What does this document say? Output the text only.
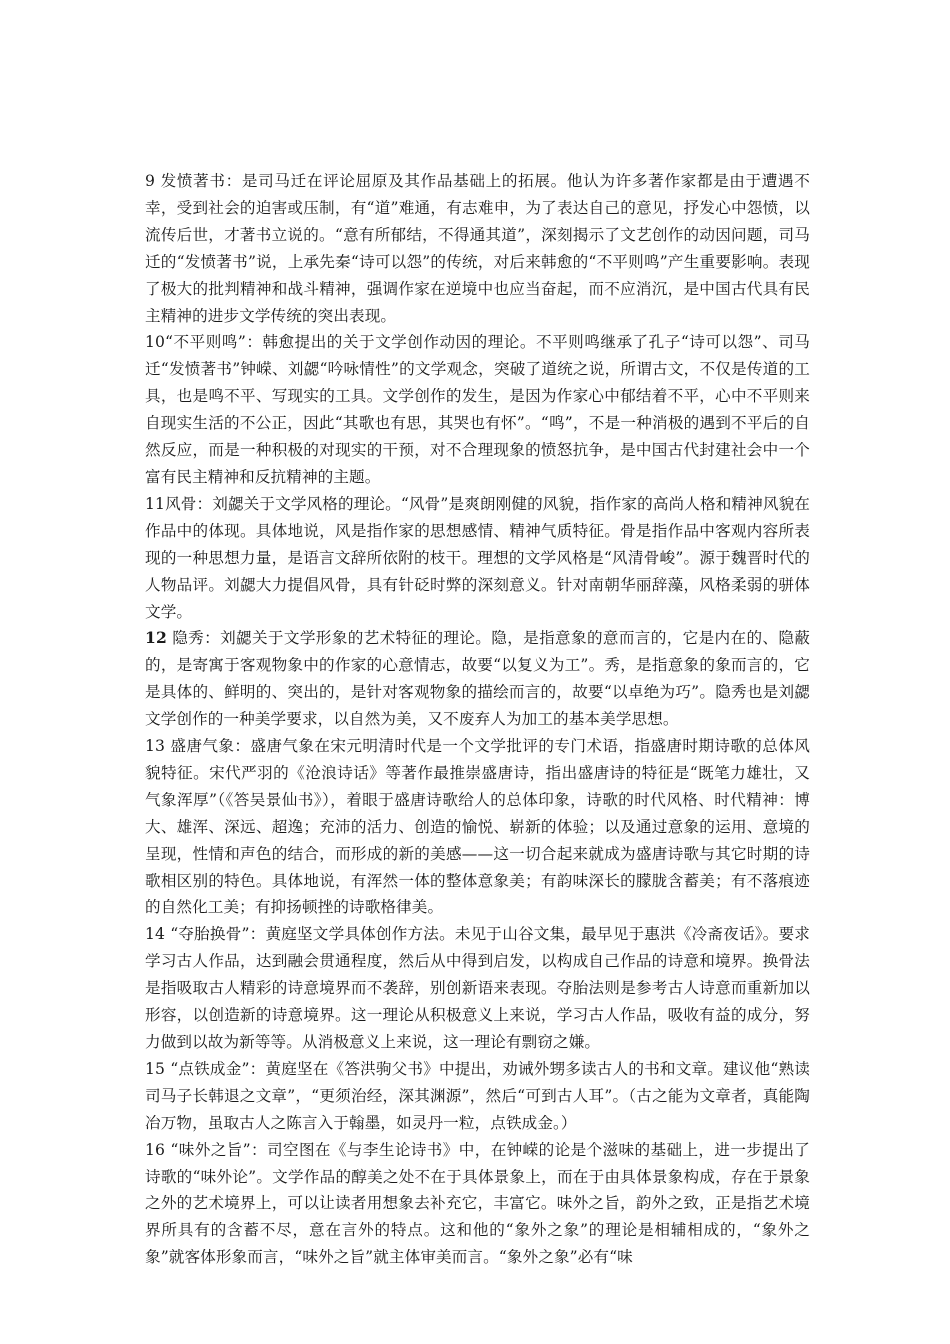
9 发愤著书：是司马迁在评论屈原及其作品基础上的拓展。他认为许多著作家都是由于遭遇不幸，受到社会的迫害或压制，有“道”难通，有志难申，为了表达自己的意见，抒发心中怨愤，以流传后世，才著书立说的。“意有所郁结，不得通其道”，深刻揭示了文艺创作的动因问题，司马迁的“发愤著书”说，上承先秦“诗可以怨”的传统，对后来韩愈的“不平则鸣”产生重要影响。表现了极大的批判精神和战斗精神，强调作家在逆境中也应当奋起，而不应消沉，是中国古代具有民主精神的进步文学传统的突出表现。

10“不平则鸣”：韩愈提出的关于文学创作动因的理论。不平则鸣继承了孔子“诗可以怨”、司马迁“发愤著书”钟嵘、刘勰“吟咏情性”的文学观念，突破了道统之说，所谓古文，不仅是传道的工具，也是鸣不平、写现实的工具。文学创作的发生，是因为作家心中郁结着不平，心中不平则来自现实生活的不公正，因此“其歌也有思，其哭也有怀”。“鸣”，不是一种消极的遇到不平后的自然反应，而是一种积极的对现实的干预，对不合理现象的愤怒抗争，是中国古代封建社会中一个富有民主精神和反抗精神的主题。

11风骨：刘勰关于文学风格的理论。“风骨”是爽朗刚健的风貌，指作家的高尚人格和精神风貌在作品中的体现。具体地说，风是指作家的思想感情、精神气质特征。骨是指作品中客观内容所表现的一种思想力量，是语言文辞所依附的枝干。理想的文学风格是“风清骨峻”。源于魏晋时代的人物品评。刘勰大力提倡风骨，具有针砭时弊的深刻意义。针对南朝华丽辞藻，风格柔弱的骈体文学。

12 隐秀：刘勰关于文学形象的艺术特征的理论。隐，是指意象的意而言的，它是内在的、隐蔽的，是寄寓于客观物象中的作家的心意情志，故要“以复义为工”。秀，是指意象的象而言的，它是具体的、鲜明的、突出的，是针对客观物象的描绘而言的，故要“以卓绝为巧”。隐秀也是刘勰文学创作的一种美学要求，以自然为美，又不废弃人为加工的基本美学思想。

13 盛唐气象：盛唐气象在宋元明清时代是一个文学批评的专门术语，指盛唐时期诗歌的总体风貌特征。宋代严羽的《沧浪诗话》等著作最推崇盛唐诗，指出盛唐诗的特征是“既笔力雄壮，又气象浑厚”（《答吴景仙书》），着眼于盛唐诗歌给人的总体印象，诗歌的时代风格、时代精神：博大、雄浑、深远、超逸；充沛的活力、创造的愉悦、崭新的体验；以及通过意象的运用、意境的呈现，性情和声色的结合，而形成的新的美感——这一切合起来就成为盛唐诗歌与其它时期的诗歌相区别的特色。具体地说，有浑然一体的整体意象美；有韵味深长的朦胧含蓄美；有不落痕迹的自然化工美；有抑扬顿挫的诗歌格律美。

14 “夺胎换骨”：黄庭坚文学具体创作方法。未见于山谷文集，最早见于惠洪《冷斋夜话》。要求学习古人作品，达到融会贯通程度，然后从中得到启发，以构成自己作品的诗意和境界。换骨法是指吸取古人精彩的诗意境界而不袭辞，别创新语来表现。夺胎法则是参考古人诗意而重新加以形容，以创造新的诗意境界。这一理论从积极意义上来说，学习古人作品，吸收有益的成分，努力做到以故为新等等。从消极意义上来说，这一理论有剽窃之嫌。

15 “点铁成金”：黄庭坚在《答洪驹父书》中提出，劝诫外甥多读古人的书和文章。建议他“熟读司马子长韩退之文章”，“更须治经，深其渊源”，然后“可到古人耳”。（古之能为文章者，真能陶冶万物，虽取古人之陈言入于翰墨，如灵丹一粒，点铁成金。）

16 “味外之旨”：司空图在《与李生论诗书》中，在钟嵘的论是个滋味的基础上，进一步提出了诗歌的“味外论”。文学作品的醇美之处不在于具体景象上，而在于由具体景象构成，存在于景象之外的艺术境界上，可以让读者用想象去补充它，丰富它。味外之旨，韵外之致，正是指艺术境界所具有的含蓄不尽，意在言外的特点。这和他的“象外之象”的理论是相辅相成的，“象外之象”就客体形象而言，“味外之旨”就主体审美而言。“象外之象”必有“味
